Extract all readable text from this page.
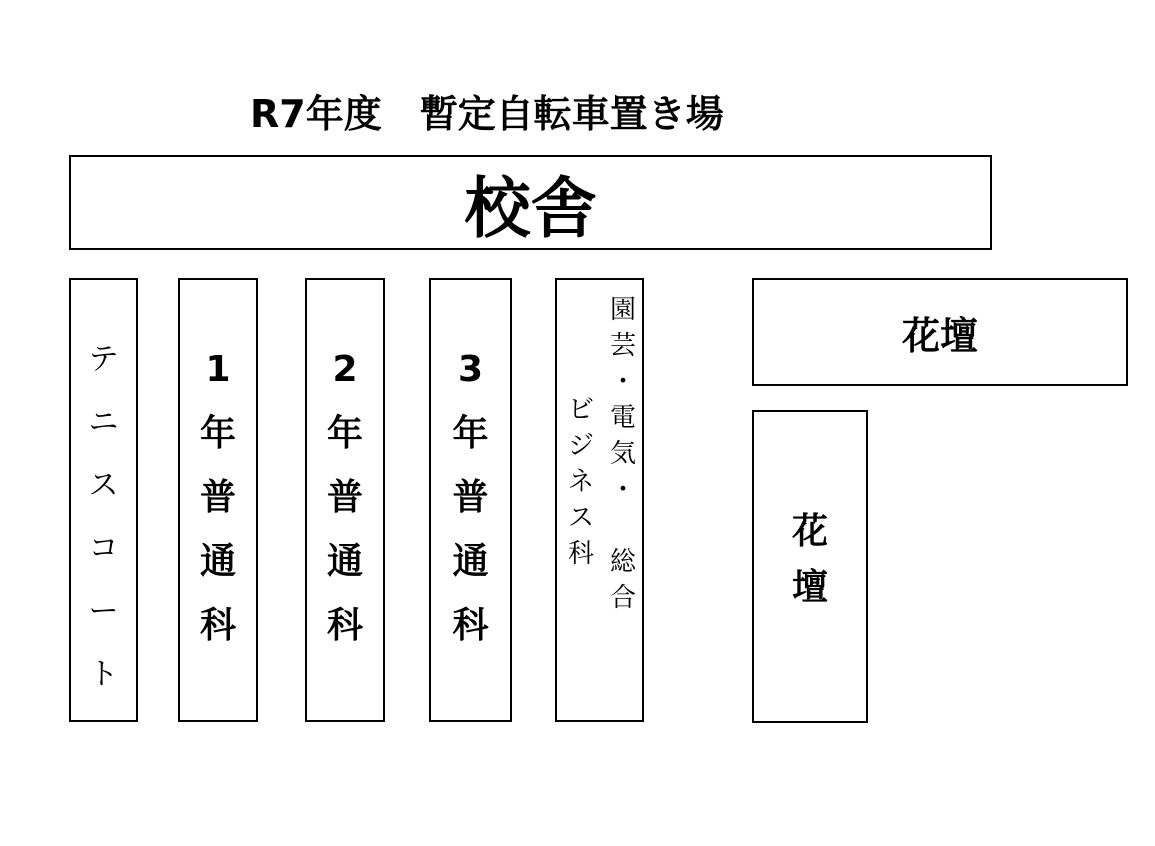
R7年度　暫定自転車置き場
校舎
テ
ニ
ス
コ
ー
ト
1
年
普
通
科
2
年
普
通
科
3
年
普
通
科
園
芸
・
電
気
・
総
合
ビ
ジ
ネ
ス
科
花壇
花
壇
